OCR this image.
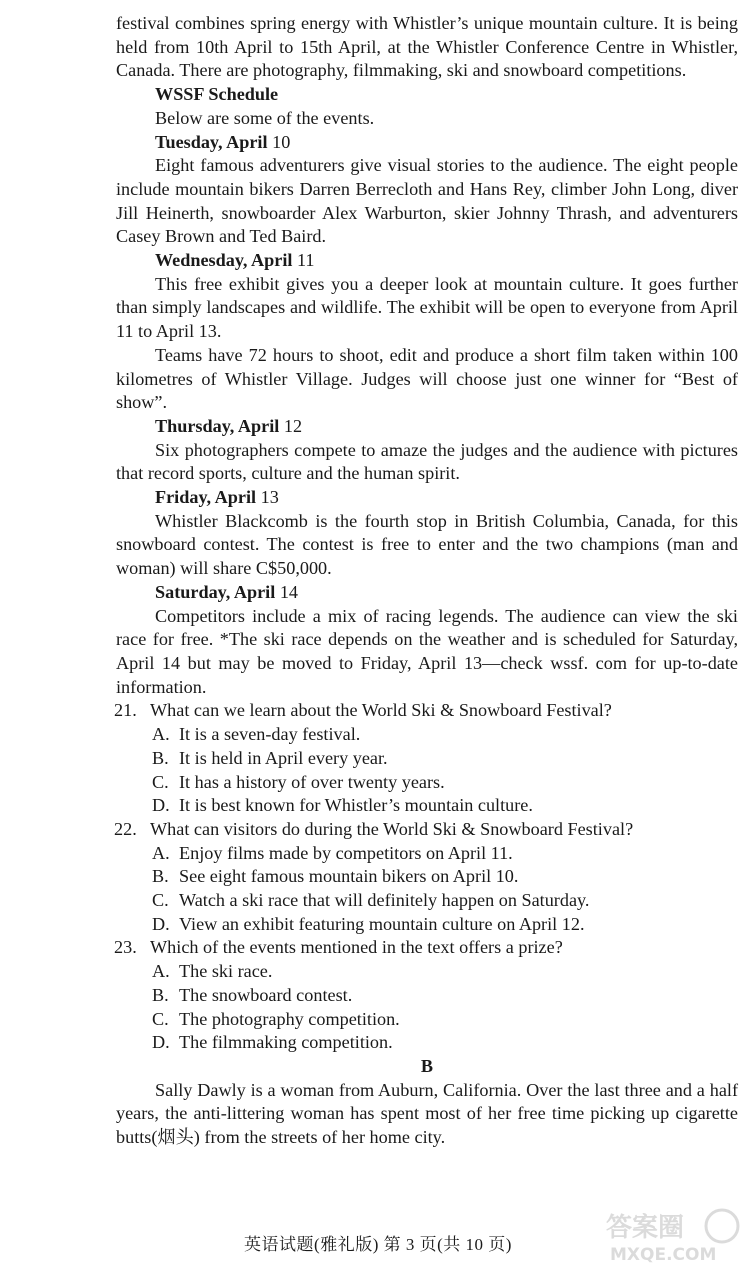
festival combines spring energy with Whistler’s unique mountain culture. It is being held from 10th April to 15th April, at the Whistler Conference Centre in Whistler, Canada. There are photography, filmmaking, ski and snowboard competitions.

WSSF Schedule

Below are some of the events.

Tuesday, April 10

Eight famous adventurers give visual stories to the audience. The eight people include mountain bikers Darren Berrecloth and Hans Rey, climber John Long, diver Jill Heinerth, snowboarder Alex Warburton, skier Johnny Thrash, and adventurers Casey Brown and Ted Baird.

Wednesday, April 11

This free exhibit gives you a deeper look at mountain culture. It goes further than simply landscapes and wildlife. The exhibit will be open to everyone from April 11 to April 13.

Teams have 72 hours to shoot, edit and produce a short film taken within 100 kilometres of Whistler Village. Judges will choose just one winner for “Best of show”.

Thursday, April 12

Six photographers compete to amaze the judges and the audience with pictures that record sports, culture and the human spirit.

Friday, April 13

Whistler Blackcomb is the fourth stop in British Columbia, Canada, for this snowboard contest. The contest is free to enter and the two champions (man and woman) will share C$50,000.

Saturday, April 14

Competitors include a mix of racing legends. The audience can view the ski race for free. *The ski race depends on the weather and is scheduled for Saturday, April 14 but may be moved to Friday, April 13—check wssf. com for up-to-date information.

21. What can we learn about the World Ski & Snowboard Festival?

A. It is a seven-day festival.

B. It is held in April every year.

C. It has a history of over twenty years.

D. It is best known for Whistler’s mountain culture.

22. What can visitors do during the World Ski & Snowboard Festival?

A. Enjoy films made by competitors on April 11.

B. See eight famous mountain bikers on April 10.

C. Watch a ski race that will definitely happen on Saturday.

D. View an exhibit featuring mountain culture on April 12.

23. Which of the events mentioned in the text offers a prize?

A. The ski race.

B. The snowboard contest.

C. The photography competition.

D. The filmmaking competition.

B

Sally Dawly is a woman from Auburn, California. Over the last three and a half years, the anti-littering woman has spent most of her free time picking up cigarette butts(烟头) from the streets of her home city.

英语试题(雅礼版) 第 3 页(共 10 页)
答案圈
MXQE.COM
